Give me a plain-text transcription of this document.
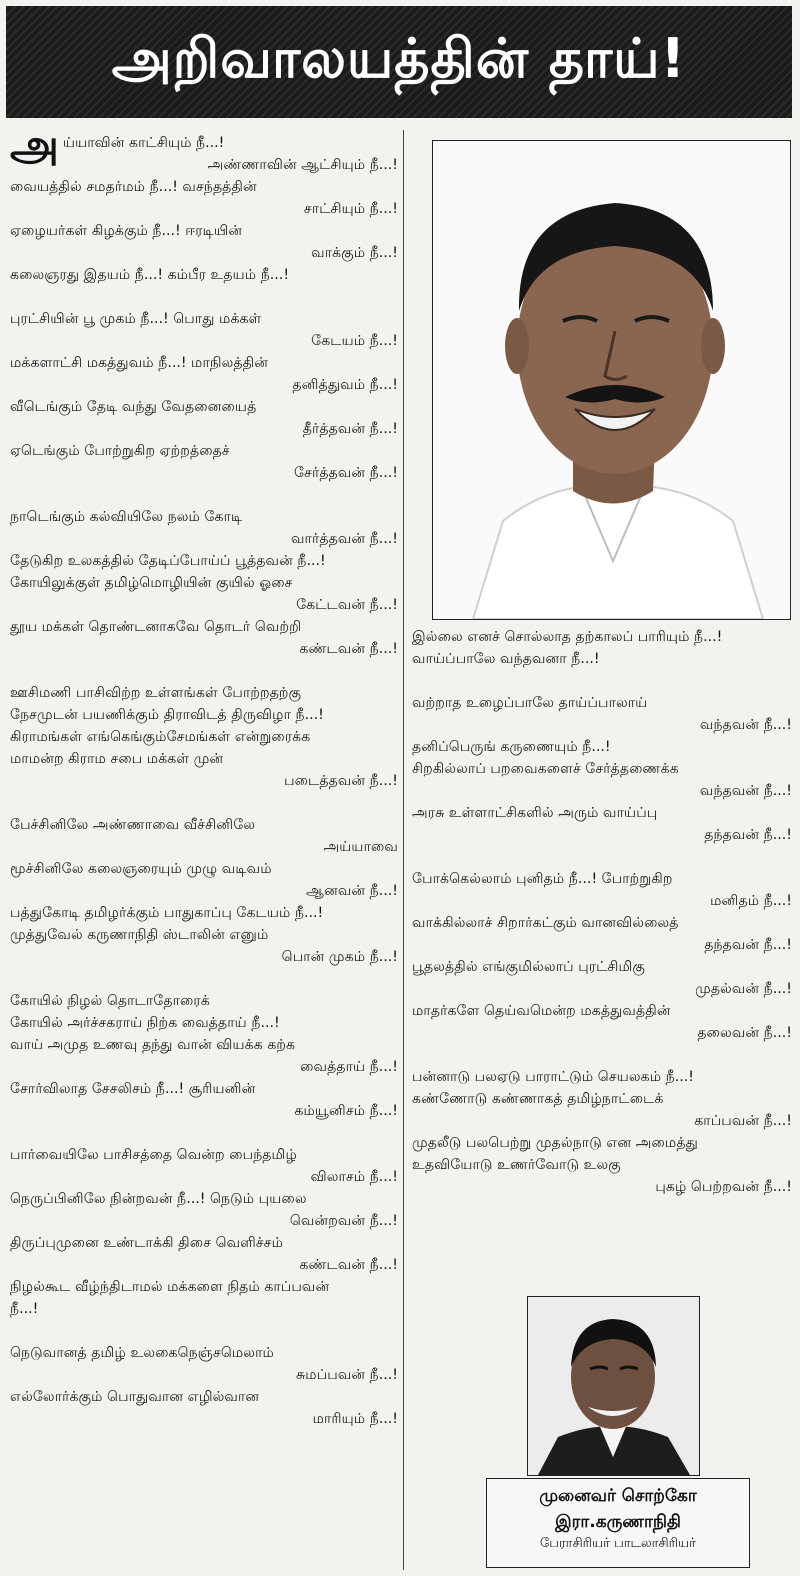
அறிவாலயத்தின் தாய்!
அய்யாவின் காட்சியும் நீ...!
அண்ணாவின் ஆட்சியும் நீ...!
வையத்தில் சமதர்மம் நீ...! வசந்தத்தின்
சாட்சியும் நீ...!
ஏழையர்கள் கிழக்கும் நீ...! ஈரடியின்
வாக்கும் நீ...!
கலைஞரது இதயம் நீ...! கம்பீர உதயம் நீ...!
புரட்சியின் பூ முகம் நீ...! பொது மக்கள்
கேடயம் நீ...!
மக்களாட்சி மகத்துவம் நீ...! மாநிலத்தின்
தனித்துவம் நீ...!
வீடெங்கும் தேடி வந்து வேதனையைத்
தீர்த்தவன் நீ...!
ஏடெங்கும் போற்றுகிற ஏற்றத்தைச்
சேர்த்தவன் நீ...!
நாடெங்கும் கல்வியிலே நலம் கோடி
வார்த்தவன் நீ...!
தேடுகிற உலகத்தில் தேடிப்போய்ப் பூத்தவன் நீ...!
கோயிலுக்குள் தமிழ்மொழியின் குயில் ஓசை
கேட்டவன் நீ...!
தூய மக்கள் தொண்டனாகவே தொடர் வெற்றி
கண்டவன் நீ...!
ஊசிமணி பாசிவிற்ற உள்ளங்கள் போற்றதற்கு
நேசமுடன் பயணிக்கும் திராவிடத் திருவிழா நீ...!
கிராமங்கள் எங்கெங்கும்சேமங்கள் என்றுரைக்க
மாமன்ற கிராம சபை மக்கள் முன்
படைத்தவன் நீ...!
பேச்சினிலே அண்ணாவை வீச்சினிலே
அய்யாவை
மூச்சினிலே கலைஞரையும் முழு வடிவம்
ஆனவன் நீ...!
பத்துகோடி தமிழர்க்கும் பாதுகாப்பு கேடயம் நீ...!
முத்துவேல் கருணாநிதி ஸ்டாலின் எனும்
பொன் முகம் நீ...!
கோயில் நிழல் தொடாதோரைக்
கோயில் அர்ச்சகராய் நிற்க வைத்தாய் நீ...!
வாய் அமுத உணவு தந்து வான் வியக்க கற்க
வைத்தாய் நீ...!
சோர்விலாத சேசலிசம் நீ...! சூரியனின்
கம்யூனிசம் நீ...!
பார்வையிலே பாசிசத்தை வென்ற பைந்தமிழ்
விலாசம் நீ...!
நெருப்பினிலே நின்றவன் நீ...! நெடும் புயலை
வென்றவன் நீ...!
திருப்புமுனை உண்டாக்கி திசை வெளிச்சம்
கண்டவன் நீ...!
நிழல்கூட வீழ்ந்திடாமல் மக்களை நிதம் காப்பவன்
நீ...!
நெடுவானத் தமிழ் உலகைநெஞ்சமெலாம்
சுமப்பவன் நீ...!
எல்லோர்க்கும் பொதுவான எழில்வான
மாரியும் நீ...!
இல்லை எனச் சொல்லாத தற்காலப் பாரியும் நீ...!
வாய்ப்பாலே வந்தவனா நீ...!
வற்றாத உழைப்பாலே தாய்ப்பாலாய்
வந்தவன் நீ...!
தனிப்பெருங் கருணையும் நீ...!
சிறகில்லாப் பறவைகளைச் சேர்த்தணைக்க
வந்தவன் நீ...!
அரசு உள்ளாட்சிகளில் அரும் வாய்ப்பு
தந்தவன் நீ...!
போக்கெல்லாம் புனிதம் நீ...! போற்றுகிற
மனிதம் நீ...!
வாக்கில்லாச் சிறார்கட்கும் வானவில்லைத்
தந்தவன் நீ...!
பூதலத்தில் எங்குமில்லாப் புரட்சிமிகு
முதல்வன் நீ...!
மாதர்களே தெய்வமென்ற மகத்துவத்தின்
தலைவன் நீ...!
பன்னாடு பலஏடு பாராட்டும் செயலகம் நீ...!
கண்ணோடு கண்ணாகத் தமிழ்நாட்டைக்
காப்பவன் நீ...!
முதலீடு பலபெற்று முதல்நாடு என அமைத்து
உதவியோடு உணர்வோடு உலகு
புகழ் பெற்றவன் நீ...!
முனைவர் சொற்கோ
இரா.கருணாநிதி
பேராசிரியர் பாடலாசிரியர்
